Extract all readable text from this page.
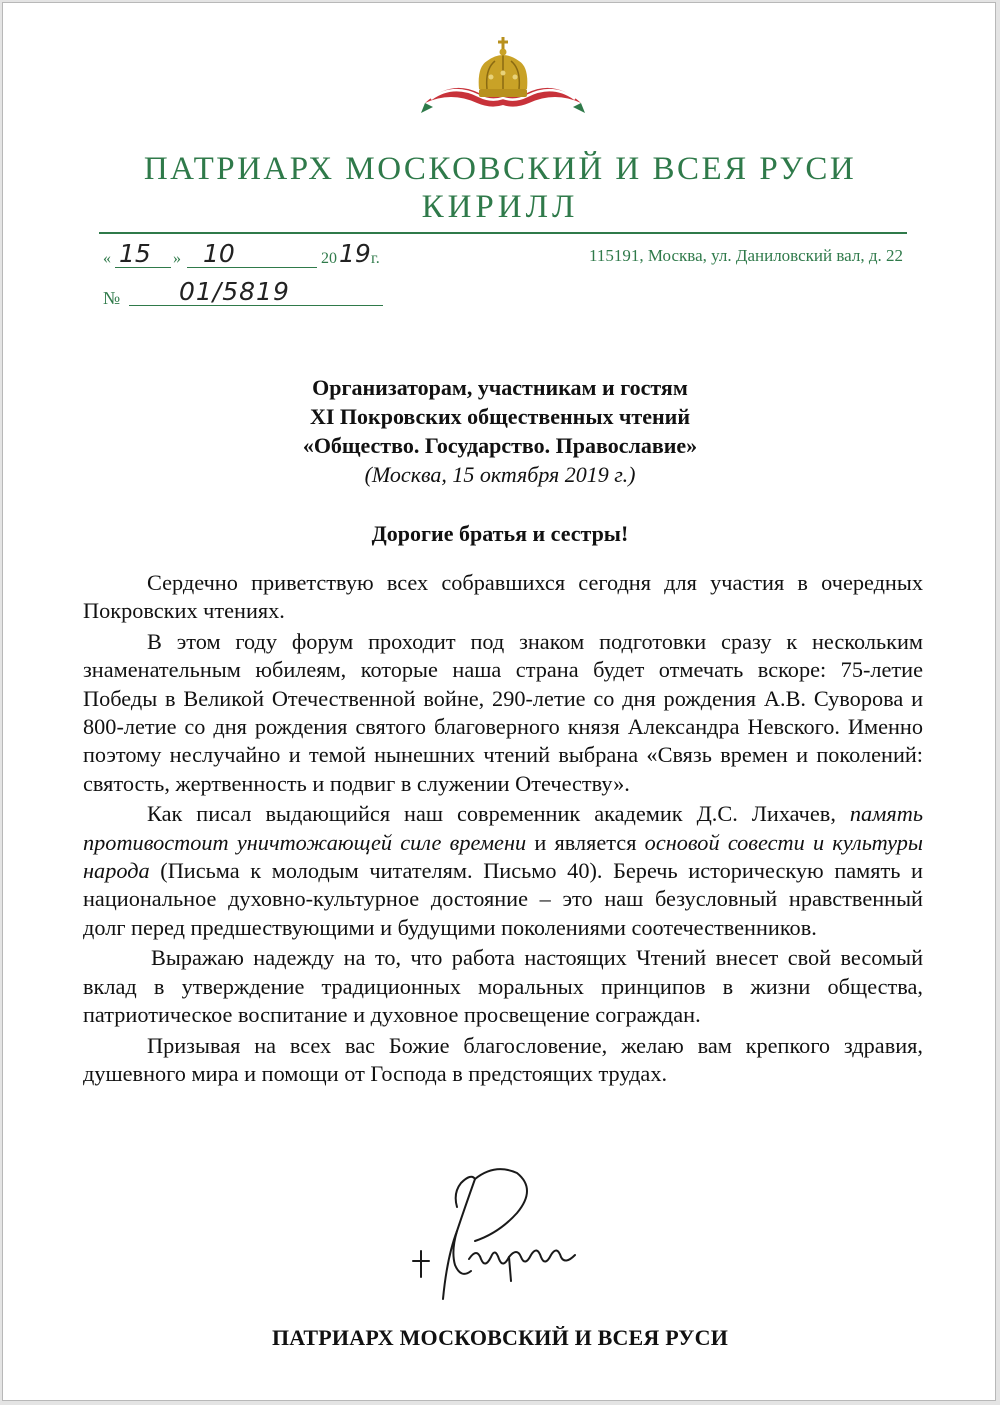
ПАТРИАРХ МОСКОВСКИЙ И ВСЕЯ РУСИ
КИРИЛЛ
« 15 » 10	20 19 г.	115191, Москва, ул. Даниловский вал, д. 22
№ 01/5819
Организаторам, участникам и гостям
XI Покровских общественных чтений
«Общество. Государство. Православие»
(Москва, 15 октября 2019 г.)
Дорогие братья и сестры!

Сердечно приветствую всех собравшихся сегодня для участия в очередных Покровских чтениях.

В этом году форум проходит под знаком подготовки сразу к нескольким знаменательным юбилеям, которые наша страна будет отмечать вскоре: 75-летие Победы в Великой Отечественной войне, 290-летие со дня рождения А.В. Суворова и 800-летие со дня рождения святого благоверного князя Александра Невского. Именно поэтому неслучайно и темой нынешних чтений выбрана «Связь времен и поколений: святость, жертвенность и подвиг в служении Отечеству».

Как писал выдающийся наш современник академик Д.С. Лихачев, память противостоит уничтожающей силе времени и является основой совести и культуры народа (Письма к молодым читателям. Письмо 40). Беречь историческую память и национальное духовно-культурное достояние – это наш безусловный нравственный долг перед предшествующими и будущими поколениями соотечественников.

Выражаю надежду на то, что работа настоящих Чтений внесет свой весомый вклад в утверждение традиционных моральных принципов в жизни общества, патриотическое воспитание и духовное просвещение сограждан.

Призывая на всех вас Божие благословение, желаю вам крепкого здравия, душевного мира и помощи от Господа в предстоящих трудах.

ПАТРИАРХ МОСКОВСКИЙ И ВСЕЯ РУСИ
